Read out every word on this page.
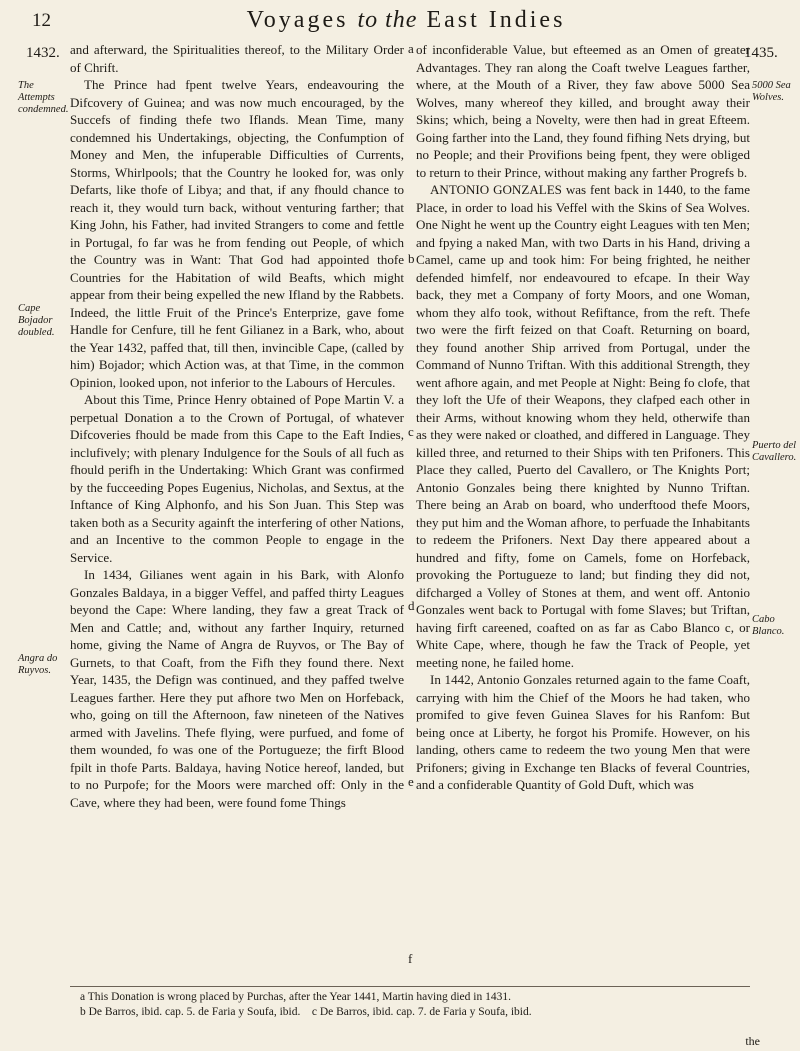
12	Voyages to the East Indies
1432.	1435.
The Attempts condemned.
Cape Bojador doubled.
Angra do Ruyvos.
5000 Sea Wolves.
Puerto del Cavallero.
Cabo Blanco.
a
b
c
d
e
f

and afterward, the Spiritualities thereof, to the Military Order of Chrift.

The Prince had fpent twelve Years, endeavouring the Difcovery of Guinea; and was now much encouraged, by the Succefs of finding thefe two Iflands. Mean Time, many condemned his Undertakings, objecting, the Confumption of Money and Men, the infuperable Difficulties of Currents, Storms, Whirlpools; that the Country he looked for, was only Defarts, like thofe of Libya; and that, if any fhould chance to reach it, they would turn back, without venturing farther; that King John, his Father, had invited Strangers to come and fettle in Portugal, fo far was he from fending out People, of which the Country was in Want: That God had appointed thofe Countries for the Habitation of wild Beafts, which might appear from their being expelled the new Ifland by the Rabbets. Indeed, the little Fruit of the Prince's Enterprize, gave fome Handle for Cenfure, till he fent Gilianez in a Bark, who, about the Year 1432, paffed that, till then, invincible Cape, (called by him) Bojador; which Action was, at that Time, in the common Opinion, looked upon, not inferior to the Labours of Hercules.

About this Time, Prince Henry obtained of Pope Martin V. a perpetual Donation a to the Crown of Portugal, of whatever Difcoveries fhould be made from this Cape to the Eaft Indies, inclufively; with plenary Indulgence for the Souls of all fuch as fhould perifh in the Undertaking: Which Grant was confirmed by the fucceeding Popes Eugenius, Nicholas, and Sextus, at the Inftance of King Alphonfo, and his Son Juan. This Step was taken both as a Security againft the interfering of other Nations, and an Incentive to the common People to engage in the Service.

In 1434, Gilianes went again in his Bark, with Alonfo Gonzales Baldaya, in a bigger Veffel, and paffed thirty Leagues beyond the Cape: Where landing, they faw a great Track of Men and Cattle; and, without any farther Inquiry, returned home, giving the Name of Angra de Ruyvos, or The Bay of Gurnets, to that Coaft, from the Fifh they found there. Next Year, 1435, the Defign was continued, and they paffed twelve Leagues farther. Here they put afhore two Men on Horfeback, who, going on till the Afternoon, faw nineteen of the Natives armed with Javelins. Thefe flying, were purfued, and fome of them wounded, fo was one of the Portugueze; the firft Blood fpilt in thofe Parts. Baldaya, having Notice hereof, landed, but to no Purpofe; for the Moors were marched off: Only in the Cave, where they had been, were found fome Things

of inconfiderable Value, but efteemed as an Omen of greater Advantages. They ran along the Coaft twelve Leagues farther, where, at the Mouth of a River, they faw above 5000 Sea Wolves, many whereof they killed, and brought away their Skins; which, being a Novelty, were then had in great Efteem. Going farther into the Land, they found fifhing Nets drying, but no People; and their Provifions being fpent, they were obliged to return to their Prince, without making any farther Progrefs b.

ANTONIO GONZALES was fent back in 1440, to the fame Place, in order to load his Veffel with the Skins of Sea Wolves. One Night he went up the Country eight Leagues with ten Men; and fpying a naked Man, with two Darts in his Hand, driving a Camel, came up and took him: For being frighted, he neither defended himfelf, nor endeavoured to efcape. In their Way back, they met a Company of forty Moors, and one Woman, whom they alfo took, without Refiftance, from the reft. Thefe two were the firft feized on that Coaft. Returning on board, they found another Ship arrived from Portugal, under the Command of Nunno Triftan. With this additional Strength, they went afhore again, and met People at Night: Being fo clofe, that they loft the Ufe of their Weapons, they clafped each other in their Arms, without knowing whom they held, otherwife than as they were naked or cloathed, and differed in Language. They killed three, and returned to their Ships with ten Prifoners. This Place they called, Puerto del Cavallero, or The Knights Port; Antonio Gonzales being there knighted by Nunno Triftan. There being an Arab on board, who underftood thefe Moors, they put him and the Woman afhore, to perfuade the Inhabitants to redeem the Prifoners. Next Day there appeared about a hundred and fifty, fome on Camels, fome on Horfeback, provoking the Portugueze to land; but finding they did not, difcharged a Volley of Stones at them, and went off. Antonio Gonzales went back to Portugal with fome Slaves; but Triftan, having firft careened, coafted on as far as Cabo Blanco c, or White Cape, where, though he faw the Track of People, yet meeting none, he failed home.

In 1442, Antonio Gonzales returned again to the fame Coaft, carrying with him the Chief of the Moors he had taken, who promifed to give feven Guinea Slaves for his Ranfom: But being once at Liberty, he forgot his Promife. However, on his landing, others came to redeem the two young Men that were Prifoners; giving in Exchange ten Blacks of feveral Countries, and a confiderable Quantity of Gold Duft, which was

a This Donation is wrong placed by Purchas, after the Year 1441, Martin having died in 1431.
b De Barros, ibid. cap. 5. de Faria y Soufa, ibid. c De Barros, ibid. cap. 7. de Faria y Soufa, ibid.
the
